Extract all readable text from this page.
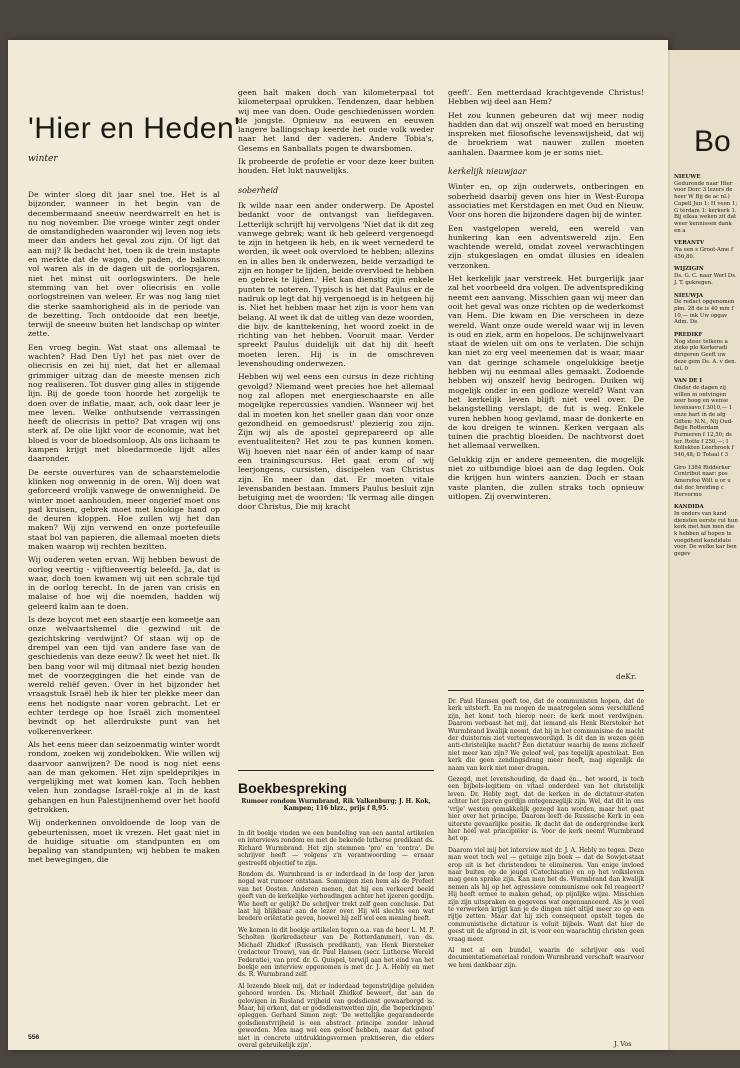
'Hier en Heden'

winter

De winter sloeg dit jaar snel toe. Het is al bijzonder, wanneer in het begin van de decembermaand sneeuw neerdwarrelt en het is nu nog november. Die vroege winter zegt onder de omstandigheden waaronder wij leven nog iets meer dan anders het geval zou zijn. Of ligt dat aan mij? Ik bedacht het, toen ik de trein instapte en merkte dat de wagon, de paden, de balkons vol waren als in de dagen uit de oorlogsjaren, niet het minst uit oorlogswinters. De hele stemming van het over oliecrisis en volle oorlogstreinen van weleer. Er was nog lang niet die sterke saamhorigheid als in de periode van de bezetting. Toch ontdooide dat een beetje, terwijl de sneeuw buiten het landschap op winter zette.

Een vroeg begin. Wat staat ons allemaal te wachten? Had Den Uyl het pas niet over de oliecrisis en zei hij niet, dat het er allemaal grimmiger uitzag dan de meeste mensen zich nog realiseren. Tot dusver ging alles in stijgende lijn. Bij de goede toon hoorde het zorgelijk te doen over de inflatie, maar, ach, ook daar leer je mee leven. Welke onthutsende verrassingen heeft de oliecrisis in petto? Dat vragen wij ons sterk af. De olie lijkt voor de economie, wat het bloed is voor de bloedsomloop. Als ons lichaam te kampen krijgt met bloedarmoede lijdt alles daaronder.

De eerste ouvertures van de schaarstemelodie klinken nog onwennig in de oren. Wij doen wat geforceerd vrolijk vanwege de onwennigheid. De winter moet aanhouden, meer ongerief moet ons pad kruisen, gebrek moet met knokige hand op de deuren kloppen. Hoe zullen wij het dan maken? Wij zijn verwend en onze portefeuille staat bol van papieren, die allemaal moeten diets maken waarop wij rechten bezitten.

Wij ouderen weten ervan. Wij hebben bewust de oorlog veertig - vijftienveertig beleefd. Ja, dat is waar, doch toen kwamen wij uit een schrale tijd in de oorlog terecht. In de jaren van crisis en malaise of hoe wij die noemden, hadden wij geleerd kalm aan te doen.

Is deze boycot met een staartje een komeetje aan onze welvaartshemel die gezwind uit de gezichtskring verdwijnt? Of staan wij op de drempel van een tijd van andere fase van de geschiedenis van deze eeuw? Ik weet het niet. Ik ben bang voor wil mij ditmaal niet bezig houden met de voorzeggingen die het einde van de wereld reliëf geven. Over in het bijzonder het vraagstuk Israël heb ik hier ter plekke meer dan eens het nodigste naar voren gebracht. Let er echter terdege op hoe Israël zich momenteel bevindt op het allerdrukste punt van het volkerenverkeer.

Als het eens meer dan seizoenmatig winter wordt rondom, zoeken wij zondebokken. Wie willen wij daarvoor aanwijzen? De nood is nog niet eens aan de man gekomen. Het zijn speldeprikjes in vergelijking met wat komen kan. Toch hebben velen hun zondagse Israël-rokje al in de kast gehangen en hun Palestijnenhemd over het hoofd getrokken.

Wij onderkennen onvoldoende de loop van de gebeurtenissen, moet ik vrezen. Het gaat niet in de huidige situatie om standpunten en om bepaling van standpunten; wij hebben te maken met bewegingen, die

geen halt maken doch van kilometerpaal tot kilometerpaal oprukken. Tendenzen, daar hebben wij mee van doen. Oude geschiedenissen worden de jongste. Opnieuw na eeuwen en eeuwen langere ballingschap keerde het oude volk weder naar het land der vaderen. Andere Tobia's, Gesems en Sanballats pogen te dwarsbomen.

Ik probeerde de profetie er voor deze keer buiten houden. Het lukt nauwelijks.

soberheid

Ik wilde naar een ander onderwerp. De Apostel bedankt voor de ontvangst van liefdegaven. Letterlijk schrijft hij vervolgens 'Niet dat ik dit zeg vanwege gebrek; want ik heb geleerd vergenoegd te zijn in hetgeen ik heb, en ik weet vernederd te worden, ik weet ook overvloed te hebben; allezins en in alles ben ik onderwezen, beide verzadigd te zijn en honger te lijden, beide overvloed te hebben en gebrek te lijden.' Het kan dienstig zijn enkele punten te noteren. Typisch is het dat Paulus er de nadruk op legt dat hij vergenoegd is in hetgeen hij is. Niet het hebben maar het zijn is voor hem van belang. Al weet ik dat de uitleg van deze woorden, die bijv. de kanttekening, het woord zoekt in de richting van het hebben. Vooruit maar. Verder spreekt Paulus duidelijk uit dat hij dit heeft moeten leren. Hij is in de omschreven levenshouding onderwezen.

Hebben wij wel eens een cursus in deze richting gevolgd? Niemand weet precies hoe het allemaal nog zal aflopen met energieschaarste en alle mogelijke repercussies vandien. Wanneer wij het dal in moeten kon het sneller gaan dan voor onze gezondheid en gemoedsrust' plezierig zou zijn. Zijn wij als de apostel geprepareerd op alle eventualiteiten? Het zou te pas kunnen komen. Wij hoeven niet naar één of ander kamp of naar een trainingscursus. Het gaat erom of wij leerjongens, cursisten, discipelen van Christus zijn. En meer dan dat. Er moeten vitale levensbanden bestaan. Immers Paulus besluit zijn betuiging met de woorden: 'Ik vermag alle dingen door Christus, Die mij kracht

geeft'. Een metterdaad krachtgevende Christus! Hebben wij deel aan Hem?

Het zou kunnen gebeuren dat wij meer nodig hadden dan dat wij onszelf wat moed en berusting inspreken met filosofische levenswijsheid, dat wij de broekriem wat nauwer zullen moeten aanhalen. Daarmee kom je er soms niet.

kerkelijk nieuwjaar

Winter en, op zijn ouderwets, ontberingen en soberheid daarbij geven ons hier in West-Europa associaties met Kerstdagen en met Oud en Nieuw. Voor ons horen die bijzondere dagen bij de winter.

Een vastgelopen wereld, een wereld van hunkering kan een adventswereld zijn. Een wachtende wereld, omdat zoveel verwachtingen zijn stukgeslagen en omdat illusies en idealen verzonken.

Het kerkelijk jaar verstreek. Het burgerlijk jaar zal het voorbeeld dra volgen. De adventsprediking neemt een aanvang. Misschien gaan wij meer dan ooit het geval was onze richten op de wederkomst van Hem. Die kwam en Die verscheen in deze wereld. Want onze oude wereld waar wij in leven is oud en ziek, arm en hopeloos. De schijnwelvaart staat de wielen uit om ons te verlaten. Die schijn kan niet zo erg veel meenemen dat is waar, maar van dat geringe schamele ongelukkige beetje hebben wij nu eenmaal alles gemaakt. Zodoende hebben wij onszelf hevig bedrogen. Duiken wij mogelijk onder in een godloze wereld? Want van het kerkelijk leven blijft niet veel over. De belangstelling verslapt, de fut is weg. Enkele vuren hebben hoog gevlamd, maar de donkerte en de kou dreigen te winnen. Kerken vergaan als tuinen die prachtig bloeiden. De nachtvorst doet het allemaal verwelken.

Gelukkig zijn er andere gemeenten, die mogelijk niet zo uitbundige bloei aan de dag legden. Ook die krijgen hun winters aanzien. Doch er staan vaste planten, die zullen straks toch opnieuw uitlopen. Zij overwinteren.

deKr.
Boekbespreking
Rumoer rondom Wurmbrand, Rik Valkenburg; J. H. Kok, Kampen; 116 blzz., prijs f 8,95.

In dit boekje vinden we een bundeling van een aantal artikelen en interviews rondom en met de bekende lutherse predikant ds. Richard Wurmbrand. Het zijn stemmen 'pro' en 'contra'. De schrijver heeft — volgens z'n verantwoording — ernaar gestreefd objectief te zijn.

Rondom ds. Wurmbrand is er inderdaad in de loop der jaren nogal wat rumoer ontstaan. Sommigen zien hem als de Profeet van het Oosten. Anderen menen, dat hij een verkeerd beeld geeft van de kerkelijke verhoudingen achter het ijzeren gordijn. Wie heeft er gelijk? De schrijver trekt zelf geen conclusie. Dat laat hij blijkbaar aan de lezer over. Hij wil slechts een wat bredere oriëntatie geven, hoewel hij zelf wel een mening heeft.

We komen in dit boekje artikelen tegen o.a. van de heer L. M. P. Scholten (kerkredacteur van De Rotterdammer), van ds. Michaël Zhidkof (Russisch predikant), van Henk Biersteker (redacteur Trouw), van dr. Paul Hansen (secr. Lutherse Wereld Federatie), van prof. dr. G. Quispel, terwijl aan het eind van het boekje een interview opgenomen is met dr. J. A. Hebly en met ds. R. Wurmbrand zelf.

Al lezende bleek mij, dat er inderdaad tegenstrijdige geluiden gehoord worden. Ds. Michaël Zhidkof beweert, dat aan de gelovigen in Rusland vrijheid van godsdienst gewaarborgd is. Maar, hij erkent, dat er godsdienstwetten zijn, die 'beperkingen' opleggen. Gerhard Simon zegt: 'De wettelijke gegarandeerde godsdienstvrijheid is een abstract principe zonder inhoud geworden. Men mag wel een geloof hebben, maar dat geloof niet in concrete uitdrukkingsvormen praktiseren, die elders overal gebruikelijk zijn'.

Dr. Paul Hansen geeft toe, dat de communisten hopen, dat de kerk uitsterft. En nu mogen de maatregelen soms verschillend zijn, het komt toch hierop neer: de kerk moet verdwijnen. Daarom verbaast het mij, dat iemand als Henk Biersteker het Wurmbrand kwalijk neemt, dat hij in het communisme de macht der duisternis ziet vertegenwoordigd. Is dit dan in wezen géén anti-christelijke macht? Een dictatuur waarbij de mens zichzelf niet meer kan zijn? We geloof wel, pas tegelijk apostolaat. Een kerk die geen zendingsdrang meer heeft, mag eigenlijk de naam van kerk niet meer dragen.

Gezegd, met levenshouding, de daad én... het woord, is toch een bijbels-legitiem en vitaal onderdeel van het christelijk leven. Dr. Hebly zegt, dat de kerken in de dictatuur-staten achter het ijzeren gordijn ontegenzeglijk zijn. Wel, dat dit in ons 'vrije' westen gemakkelijk gezegd kan worden, maar het gaat hier over het principe. Daarom leeft de Russische Kerk in een uiterste gevaarlijke positie. Ik dacht dat de ondergrondse kerk hier héél wat principiëler is. Voor de kerk neemt Wurmbrand het op.

Daarom viel mij het interview met dr. J. A. Hebly zo tegen. Deze man weet toch wel — getuige zijn boek — dat de Sowjet-staat erop uit is het christendom te elimineren. Van enige invloed naar buiten op de jeugd (Catechisatie) en op het volksleven mag geen sprake zijn. Kan men het ds. Wurmbrand dan kwalijk nemen als hij op het agressieve communisme ook fel reageert? Hij heeft ermee te maken gehad, op pijnlijke wijze. Misschien zijn zijn uitspraken en gegevens wat ongenuanceerd. Als je veel te verwerken krijgt kan je de dingen niet altijd meer zo op een rijtje zetten. Maar dat hij zich consequent opstelt tegen de communistische dictatuur is voluit bijbels. Want dat hier de geest uit de afgrond in zit, is voor een waarachtig christen geen vraag meer.

Al met al een bundel, waarin de schrijver ons veel documentatiemateriaal rondom Wurmbrand verschaft waarvoor we hem dankbaar zijn.

J. Vos
556
Bo
NIEUWE
Gedurende naar Hier voor Dorc 3 lezers de heer W Bij de ac nl.) Capell Jun 1; H veen 1; G terdam 1: kerkerk 1. Bij elkaa weken zit dat weer kennissen dank en a
VERANTV
Na een s Groot-Ame f 456,80.
WIJZIGIN
Ds. G. C. naar Werl Ds. J. T. gekregen.
NIEUWJA
De redact opgenomen plm. 28 de is 40 mm f 10,— ink Uw opgav Adm. De
PREDIKF
Nog steec telkens a zieke plo Kerkeradi dirigeren Geeft uw deze gem Ds. A. v den. tel. 0
VAN DE I
Onder de dagen zij willen m ontvingen zeer hoog en wense levensavo f 3010,— 1 onze hart in de afg Giften: N.N., Nij Oud-Bejje Rotterdam Purmeren f 12,50; ds ter. Rotte f 250,—; I Kollekten Leerbroek f 546,48; D Totaal f 3
Giro 1384 Ridderker Contribut naar: pos Amersfoo Wilt u or u dat doc breiding c Hervormo
KANDIDA
In onders van kand diensten eerste rul hun kerk met hun men die k hebben af hopen te voegdheid kandidate voor. De welke kar ben gegev
